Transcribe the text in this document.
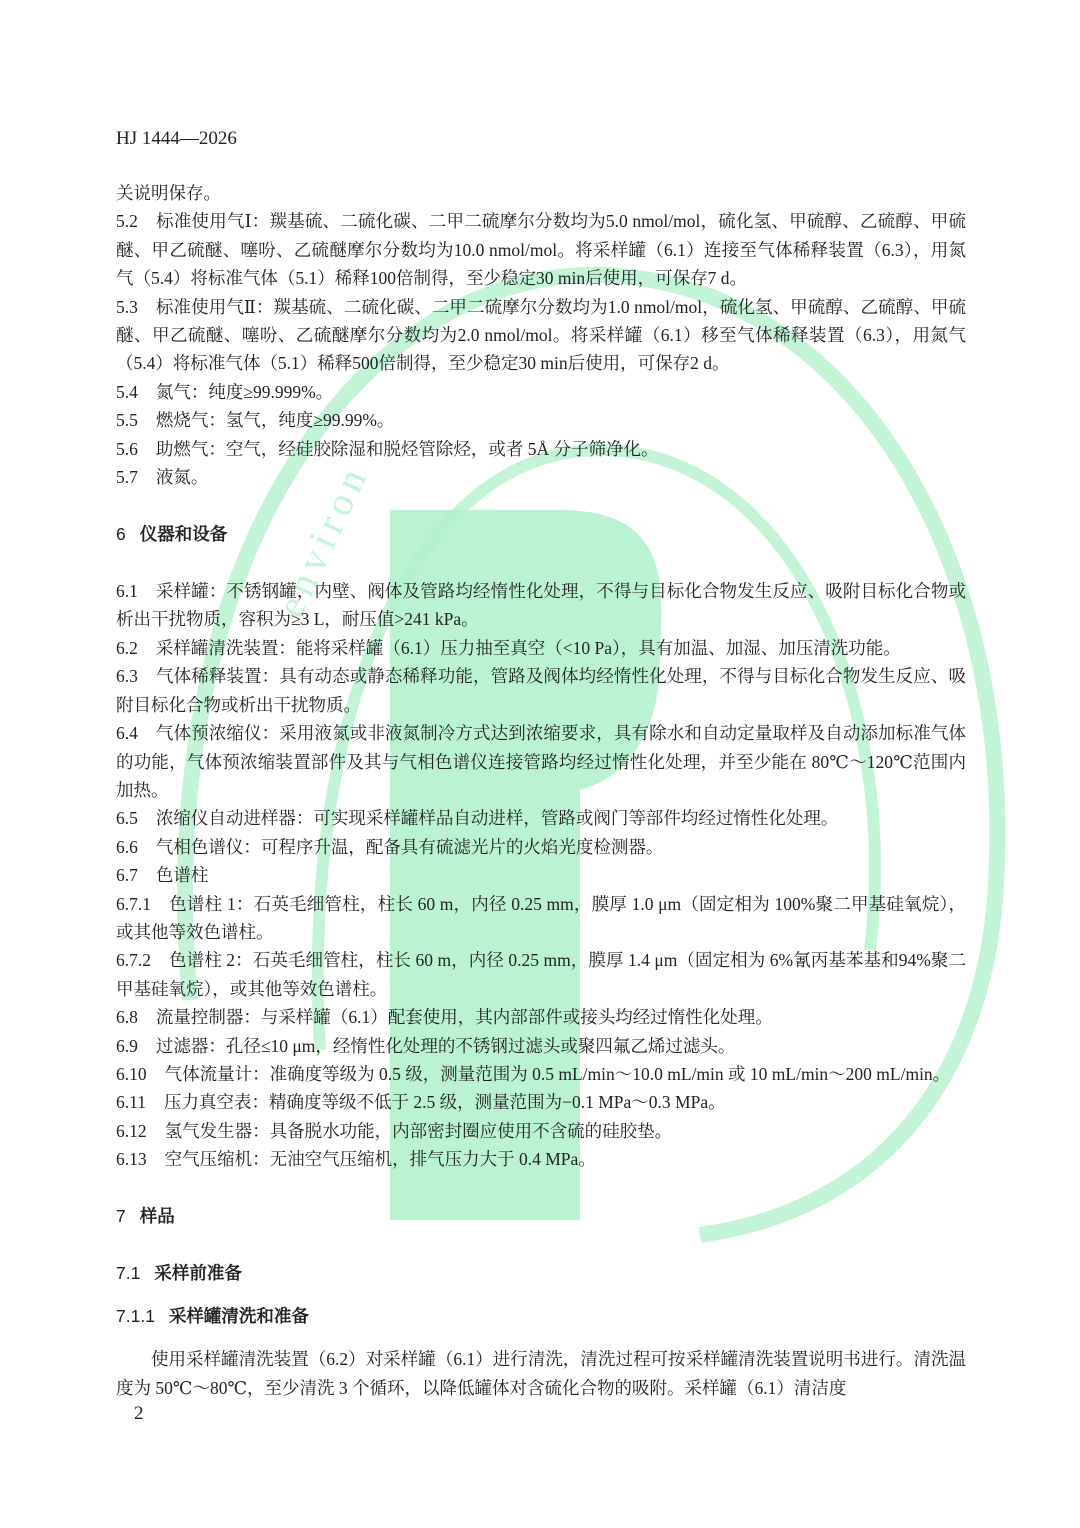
environ
HJ 1444—2026

关说明保存。

5.2 标准使用气Ⅰ：羰基硫、二硫化碳、二甲二硫摩尔分数均为5.0 nmol/mol，硫化氢、甲硫醇、乙硫醇、甲硫醚、甲乙硫醚、噻吩、乙硫醚摩尔分数均为10.0 nmol/mol。将采样罐（6.1）连接至气体稀释装置（6.3），用氮气（5.4）将标准气体（5.1）稀释100倍制得，至少稳定30 min后使用，可保存7 d。

5.3 标准使用气Ⅱ：羰基硫、二硫化碳、二甲二硫摩尔分数均为1.0 nmol/mol，硫化氢、甲硫醇、乙硫醇、甲硫醚、甲乙硫醚、噻吩、乙硫醚摩尔分数均为2.0 nmol/mol。将采样罐（6.1）移至气体稀释装置（6.3），用氮气（5.4）将标准气体（5.1）稀释500倍制得，至少稳定30 min后使用，可保存2 d。

5.4 氮气：纯度≥99.999%。

5.5 燃烧气：氢气，纯度≥99.99%。

5.6 助燃气：空气，经硅胶除湿和脱烃管除烃，或者 5Å 分子筛净化。

5.7 液氮。

6 仪器和设备

6.1 采样罐：不锈钢罐，内壁、阀体及管路均经惰性化处理，不得与目标化合物发生反应、吸附目标化合物或析出干扰物质，容积为≥3 L，耐压值>241 kPa。

6.2 采样罐清洗装置：能将采样罐（6.1）压力抽至真空（<10 Pa），具有加温、加湿、加压清洗功能。

6.3 气体稀释装置：具有动态或静态稀释功能，管路及阀体均经惰性化处理，不得与目标化合物发生反应、吸附目标化合物或析出干扰物质。

6.4 气体预浓缩仪：采用液氮或非液氮制冷方式达到浓缩要求，具有除水和自动定量取样及自动添加标准气体的功能，气体预浓缩装置部件及其与气相色谱仪连接管路均经过惰性化处理，并至少能在 80℃～120℃范围内加热。

6.5 浓缩仪自动进样器：可实现采样罐样品自动进样，管路或阀门等部件均经过惰性化处理。

6.6 气相色谱仪：可程序升温，配备具有硫滤光片的火焰光度检测器。

6.7 色谱柱

6.7.1 色谱柱 1：石英毛细管柱，柱长 60 m，内径 0.25 mm，膜厚 1.0 μm（固定相为 100%聚二甲基硅氧烷），或其他等效色谱柱。

6.7.2 色谱柱 2：石英毛细管柱，柱长 60 m，内径 0.25 mm，膜厚 1.4 μm（固定相为 6%氰丙基苯基和94%聚二甲基硅氧烷），或其他等效色谱柱。

6.8 流量控制器：与采样罐（6.1）配套使用，其内部部件或接头均经过惰性化处理。

6.9 过滤器：孔径≤10 μm，经惰性化处理的不锈钢过滤头或聚四氟乙烯过滤头。

6.10 气体流量计：准确度等级为 0.5 级，测量范围为 0.5 mL/min～10.0 mL/min 或 10 mL/min～200 mL/min。

6.11 压力真空表：精确度等级不低于 2.5 级，测量范围为−0.1 MPa～0.3 MPa。

6.12 氢气发生器：具备脱水功能，内部密封圈应使用不含硫的硅胶垫。

6.13 空气压缩机：无油空气压缩机，排气压力大于 0.4 MPa。

7 样品

7.1 采样前准备

7.1.1 采样罐清洗和准备

使用采样罐清洗装置（6.2）对采样罐（6.1）进行清洗，清洗过程可按采样罐清洗装置说明书进行。清洗温度为 50℃～80℃，至少清洗 3 个循环，以降低罐体对含硫化合物的吸附。采样罐（6.1）清洁度

2
